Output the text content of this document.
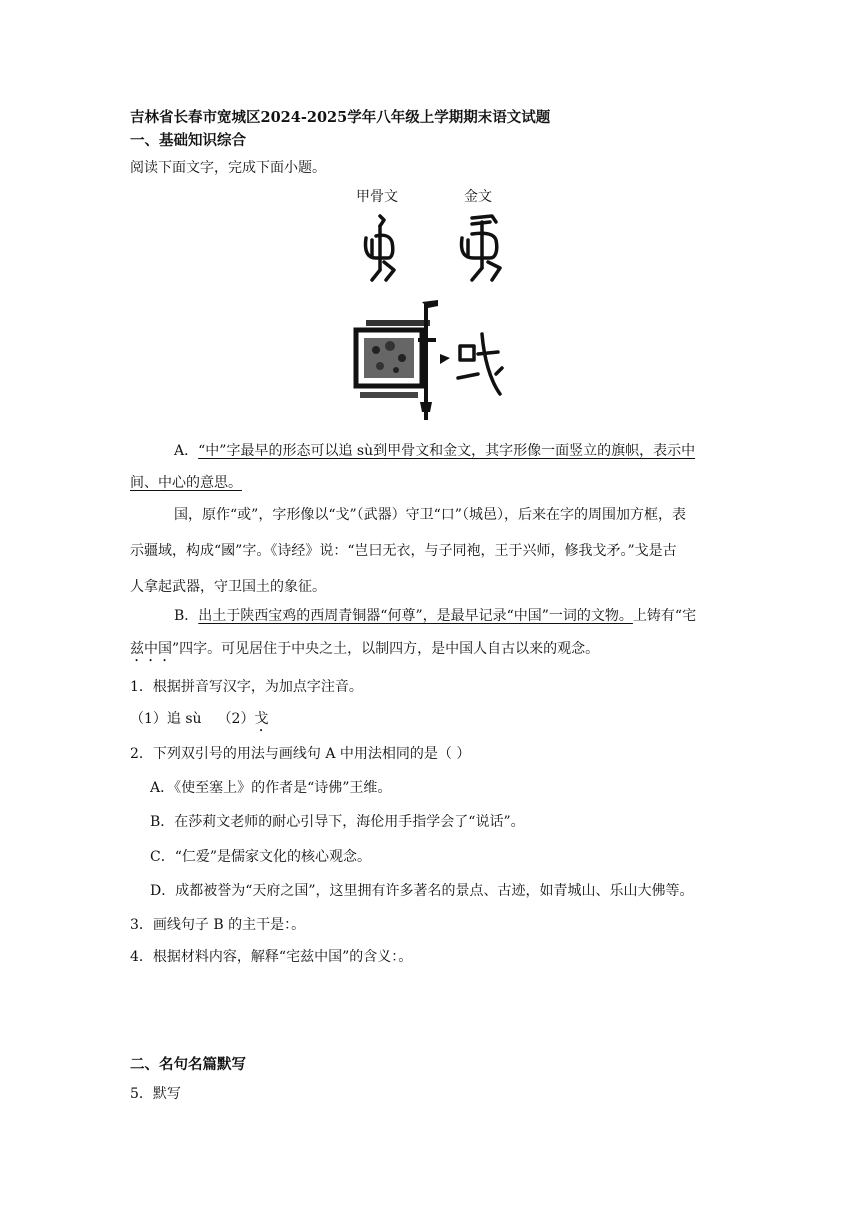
吉林省长春市宽城区2024-2025学年八年级上学期期末语文试题
一、基础知识综合
阅读下面文字，完成下面小题。
甲骨文	金文
A．“中”字最早的形态可以追 sù到甲骨文和金文，其字形像一面竖立的旗帜，表示中
间、中心的意思。
国，原作“或”，字形像以“戈”（武器）守卫“口”（城邑），后来在字的周围加方框，表
示疆域，构成“國”字。《诗经》说：“岂曰无衣，与子同袍，王于兴师，修我戈矛。”戈是古
人拿起武器，守卫国土的象征。
B．出土于陕西宝鸡的西周青铜器“何尊”，是最早记录“中国”一词的文物。上铸有“宅
兹中国”四字。可见居住于中央之土，以制四方，是中国人自古以来的观念。
1．根据拼音写汉字，为加点字注音。
（1）追 sù （2）戈
2．下列双引号的用法与画线句 A 中用法相同的是（ ）
A．《使至塞上》的作者是“诗佛”王维。
B．在莎莉文老师的耐心引导下，海伦用手指学会了“说话”。
C．“仁爱”是儒家文化的核心观念。
D．成都被誉为“天府之国”，这里拥有许多著名的景点、古迹，如青城山、乐山大佛等。
3．画线句子 B 的主干是：。
4．根据材料内容，解释“宅兹中国”的含义：。
二、名句名篇默写
5．默写
